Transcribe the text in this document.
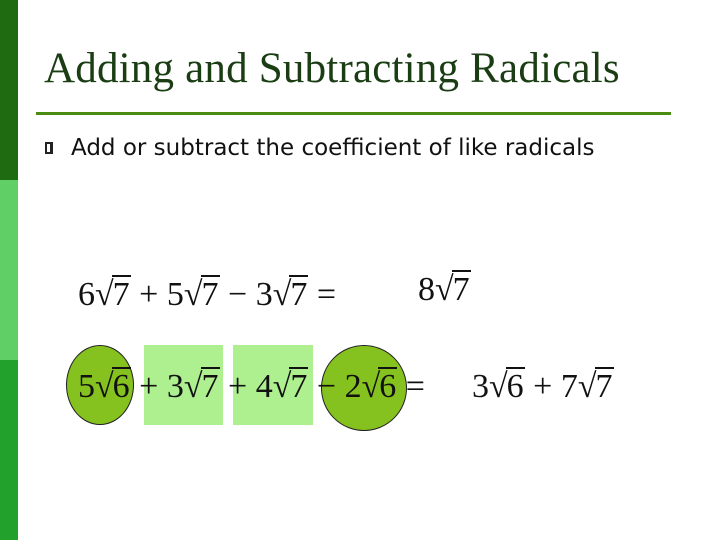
Adding and Subtracting Radicals
Add or subtract the coefficient of like radicals
6√7 + 5√7 − 3√7 = 8√7
5√6 + 3√7 + 4√7 − 2√6 = 3√6 + 7√7
